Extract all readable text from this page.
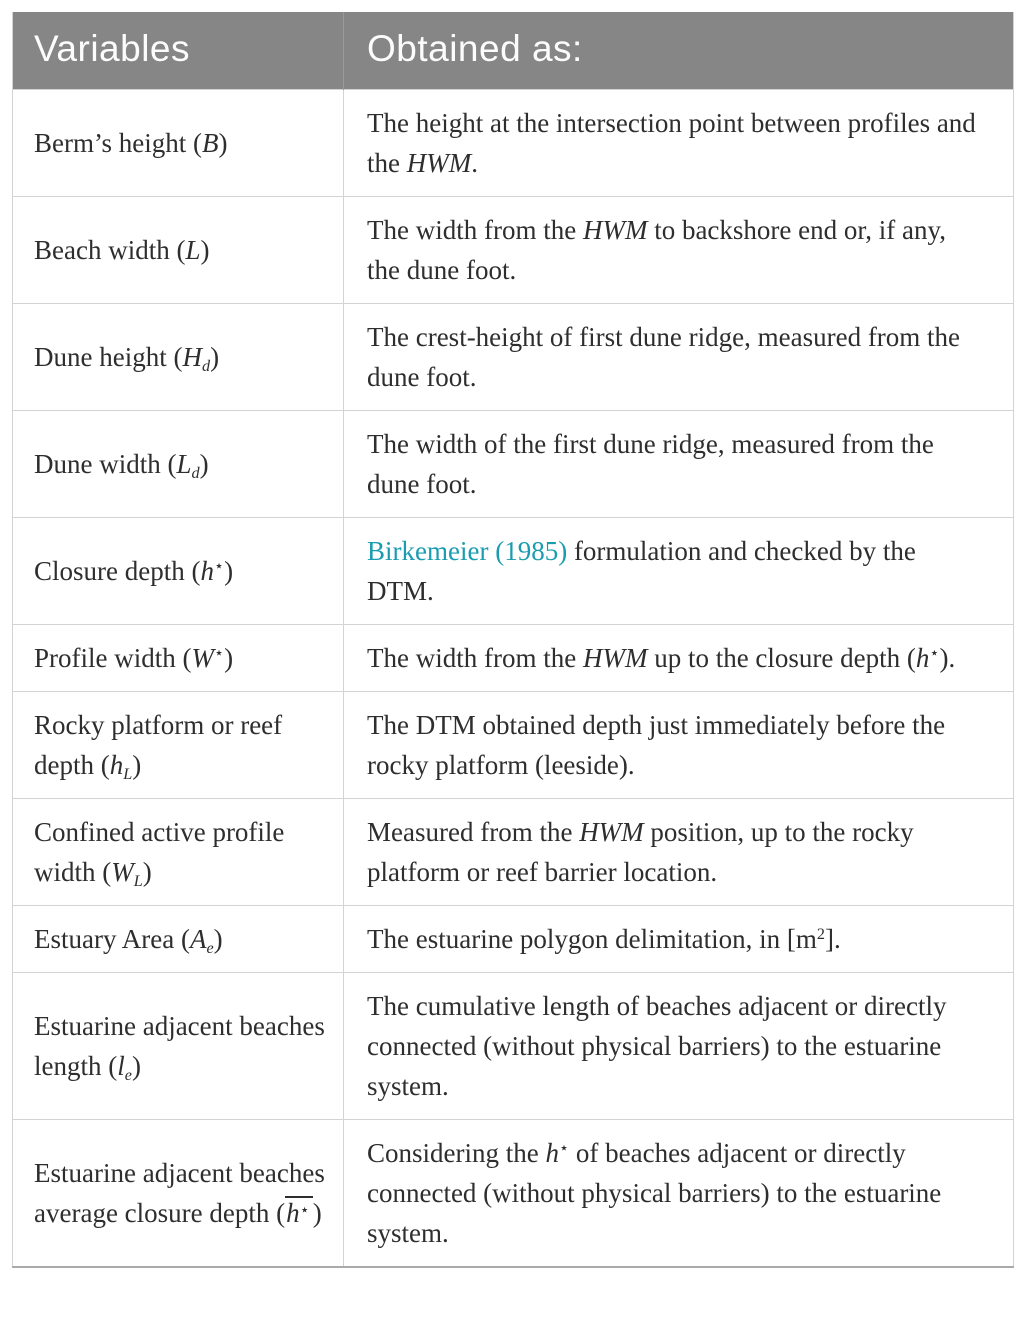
Variables	Obtained as:
Berm’s height (B)	The height at the intersection point between profiles and the HWM.
Beach width (L)	The width from the HWM to backshore end or, if any, the dune foot.
Dune height (Hd)	The crest-height of first dune ridge, measured from the dune foot.
Dune width (Ld)	The width of the first dune ridge, measured from the dune foot.
Closure depth (h⋆)	Birkemeier (1985) formulation and checked by the DTM.
Profile width (W⋆)	The width from the HWM up to the closure depth (h⋆).
Rocky platform or reef depth (hL)	The DTM obtained depth just immediately before the rocky platform (leeside).
Confined active profile width (WL)	Measured from the HWM position, up to the rocky platform or reef barrier location.
Estuary Area (Ae)	The estuarine polygon delimitation, in $[m^2]$.
Estuarine adjacent beaches length (le)	The cumulative length of beaches adjacent or directly connected (without physical barriers) to the estuarine system.
Estuarine adjacent beaches average closure depth (h⋆ )	Considering the h⋆ of beaches adjacent or directly connected (without physical barriers) to the estuarine system.
